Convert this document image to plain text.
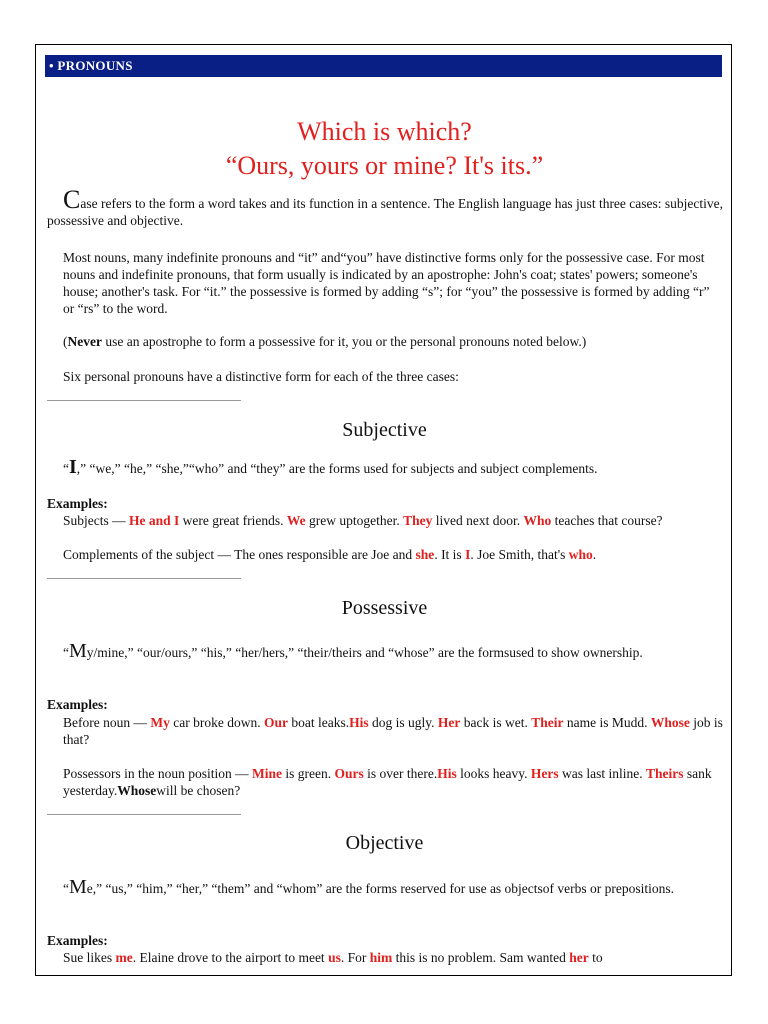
• PRONOUNS
Which is which?
“Ours, yours or mine? It's its.”
Case refers to the form a word takes and its function in a sentence. The English language has just three cases: subjective, possessive and objective.
Most nouns, many indefinite pronouns and “it” and“you” have distinctive forms only for the possessive case. For most nouns and indefinite pronouns, that form usually is indicated by an apostrophe: John's coat; states' powers; someone's house; another's task. For “it.” the possessive is formed by adding “s”; for “you” the possessive is formed by adding “r” or “rs” to the word.
(Never use an apostrophe to form a possessive for it, you or the personal pronouns noted below.)
Six personal pronouns have a distinctive form for each of the three cases:
Subjective
“I,” “we,” “he,” “she,”“who” and “they” are the forms used for subjects and subject complements.
Examples:
Subjects — He and I were great friends. We grew uptogether. They lived next door. Who teaches that course?
Complements of the subject — The ones responsible are Joe and she. It is I. Joe Smith, that's who.
Possessive
“My/mine,” “our/ours,” “his,” “her/hers,” “their/theirs and “whose” are the formsused to show ownership.
Examples:
Before noun — My car broke down. Our boat leaks.His dog is ugly. Her back is wet. Their name is Mudd. Whose job is that?
Possessors in the noun position — Mine is green. Ours is over there.His looks heavy. Hers was last inline. Theirs sank yesterday.Whosewill be chosen?
Objective
“Me,” “us,” “him,” “her,” “them” and “whom” are the forms reserved for use as objectsof verbs or prepositions.
Examples:
Sue likes me. Elaine drove to the airport to meet us. For him this is no problem. Sam wanted her to
